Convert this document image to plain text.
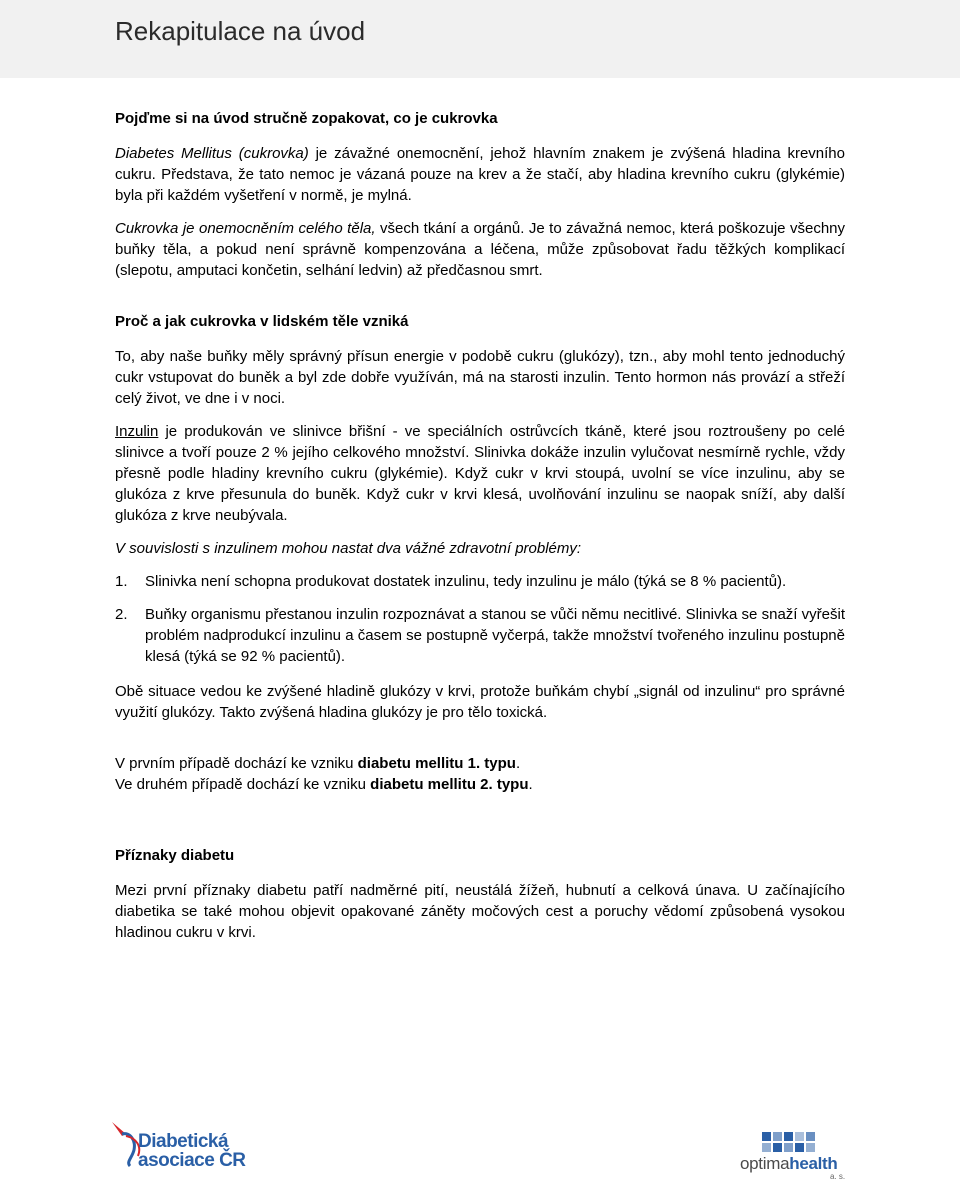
Rekapitulace na úvod

Pojďme si na úvod stručně zopakovat, co je cukrovka

Diabetes Mellitus (cukrovka) je závažné onemocnění, jehož hlavním znakem je zvýšená hladina krevního cukru. Představa, že tato nemoc je vázaná pouze na krev a že stačí, aby hladina krevního cukru (glykémie) byla při každém vyšetření v normě, je mylná.

Cukrovka je onemocněním celého těla, všech tkání a orgánů. Je to závažná nemoc, která poškozuje všechny buňky těla, a pokud není správně kompenzována a léčena, může způsobovat řadu těžkých komplikací (slepotu, amputaci končetin, selhání ledvin) až předčasnou smrt.

Proč a jak cukrovka v lidském těle vzniká

To, aby naše buňky měly správný přísun energie v podobě cukru (glukózy), tzn., aby mohl tento jednoduchý cukr vstupovat do buněk a byl zde dobře využíván, má na starosti inzulin. Tento hormon nás provází a střeží celý život, ve dne i v noci.

Inzulin je produkován ve slinivce břišní - ve speciálních ostrůvcích tkáně, které jsou roztroušeny po celé slinivce a tvoří pouze 2 % jejího celkového množství. Slinivka dokáže inzulin vylučovat nesmírně rychle, vždy přesně podle hladiny krevního cukru (glykémie). Když cukr v krvi stoupá, uvolní se více inzulinu, aby se glukóza z krve přesunula do buněk. Když cukr v krvi klesá, uvolňování inzulinu se naopak sníží, aby další glukóza z krve neubývala.

V souvislosti s inzulinem mohou nastat dva vážné zdravotní problémy:

1.	Slinivka není schopna produkovat dostatek inzulinu, tedy inzulinu je málo (týká se 8 % pacientů).
2.	Buňky organismu přestanou inzulin rozpoznávat a stanou se vůči němu necitlivé. Slinivka se snaží vyřešit problém nadprodukcí inzulinu a časem se postupně vyčerpá, takže množství tvořeného inzulinu postupně klesá (týká se 92 % pacientů).

Obě situace vedou ke zvýšené hladině glukózy v krvi, protože buňkám chybí „signál od inzulinu“ pro správné využití glukózy. Takto zvýšená hladina glukózy je pro tělo toxická.

V prvním případě dochází ke vzniku diabetu mellitu 1. typu.

Ve druhém případě dochází ke vzniku diabetu mellitu 2. typu.

Příznaky diabetu

Mezi první příznaky diabetu patří nadměrné pití, neustálá žížeň, hubnutí a celková únava. U začínajícího diabetika se také mohou objevit opakované záněty močových cest a poruchy vědomí způsobená vysokou hladinou cukru v krvi.

Diabetická
asociace ČR	optimahealth
a. s.
